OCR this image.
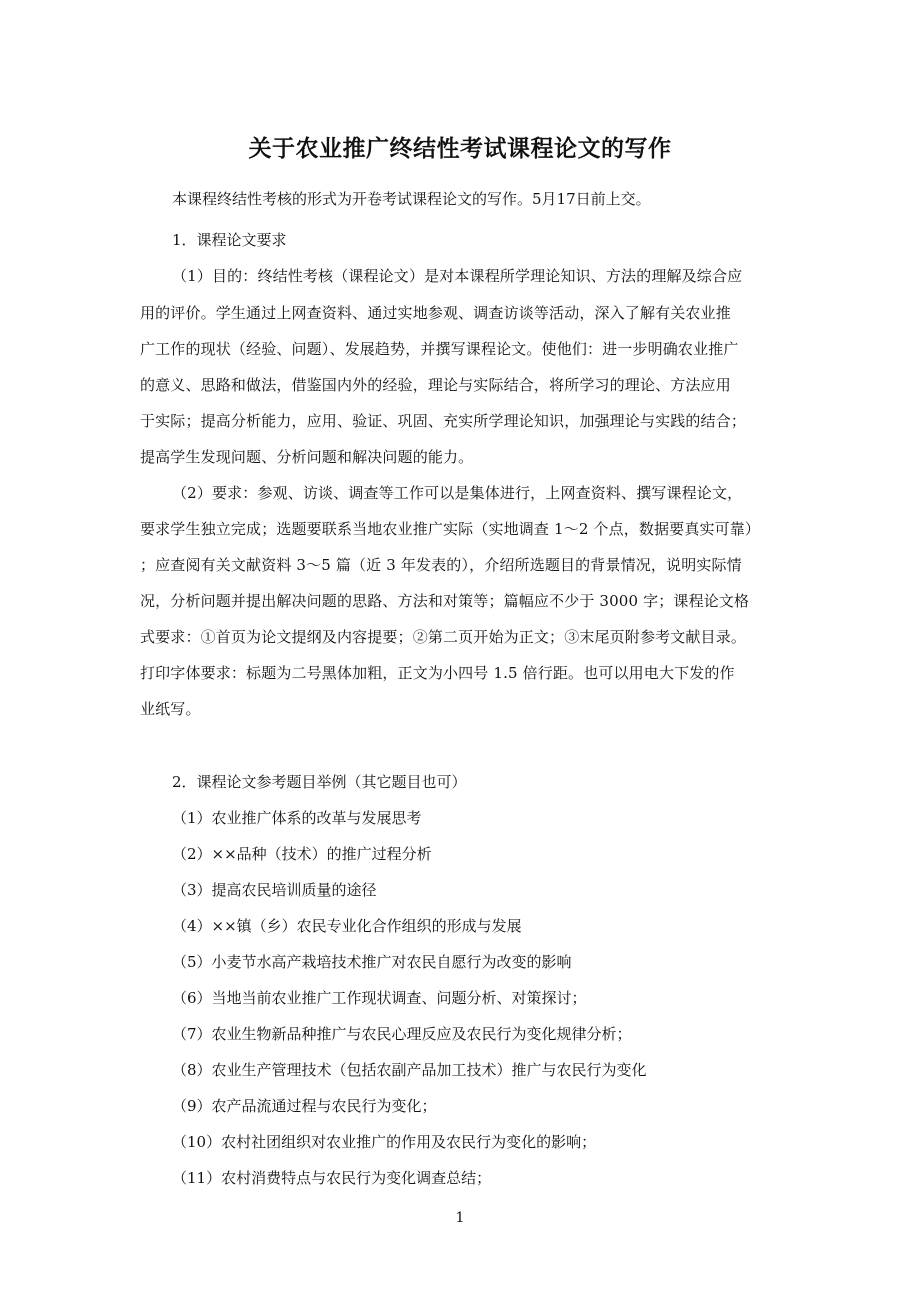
关于农业推广终结性考试课程论文的写作
本课程终结性考核的形式为开卷考试课程论文的写作。5月17日前上交。
1．课程论文要求
（1）目的：终结性考核（课程论文）是对本课程所学理论知识、方法的理解及综合应
用的评价。学生通过上网查资料、通过实地参观、调查访谈等活动，深入了解有关农业推
广工作的现状（经验、问题）、发展趋势，并撰写课程论文。使他们：进一步明确农业推广
的意义、思路和做法，借鉴国内外的经验，理论与实际结合，将所学习的理论、方法应用
于实际；提高分析能力，应用、验证、巩固、充实所学理论知识，加强理论与实践的结合；
提高学生发现问题、分析问题和解决问题的能力。
（2）要求：参观、访谈、调查等工作可以是集体进行，上网查资料、撰写课程论文，
要求学生独立完成；选题要联系当地农业推广实际（实地调查 1～2 个点，数据要真实可靠）
；应查阅有关文献资料 3～5 篇（近 3 年发表的），介绍所选题目的背景情况，说明实际情
况，分析问题并提出解决问题的思路、方法和对策等；篇幅应不少于 3000 字；课程论文格
式要求：①首页为论文提纲及内容提要；②第二页开始为正文；③末尾页附参考文献目录。
打印字体要求：标题为二号黑体加粗，正文为小四号 1.5 倍行距。也可以用电大下发的作
业纸写。
2．课程论文参考题目举例（其它题目也可）
（1）农业推广体系的改革与发展思考
（2）××品种（技术）的推广过程分析
（3）提高农民培训质量的途径
（4）××镇（乡）农民专业化合作组织的形成与发展
（5）小麦节水高产栽培技术推广对农民自愿行为改变的影响
（6）当地当前农业推广工作现状调查、问题分析、对策探讨；
（7）农业生物新品种推广与农民心理反应及农民行为变化规律分析；
（8）农业生产管理技术（包括农副产品加工技术）推广与农民行为变化
（9）农产品流通过程与农民行为变化；
（10）农村社团组织对农业推广的作用及农民行为变化的影响；
（11）农村消费特点与农民行为变化调查总结；
1
